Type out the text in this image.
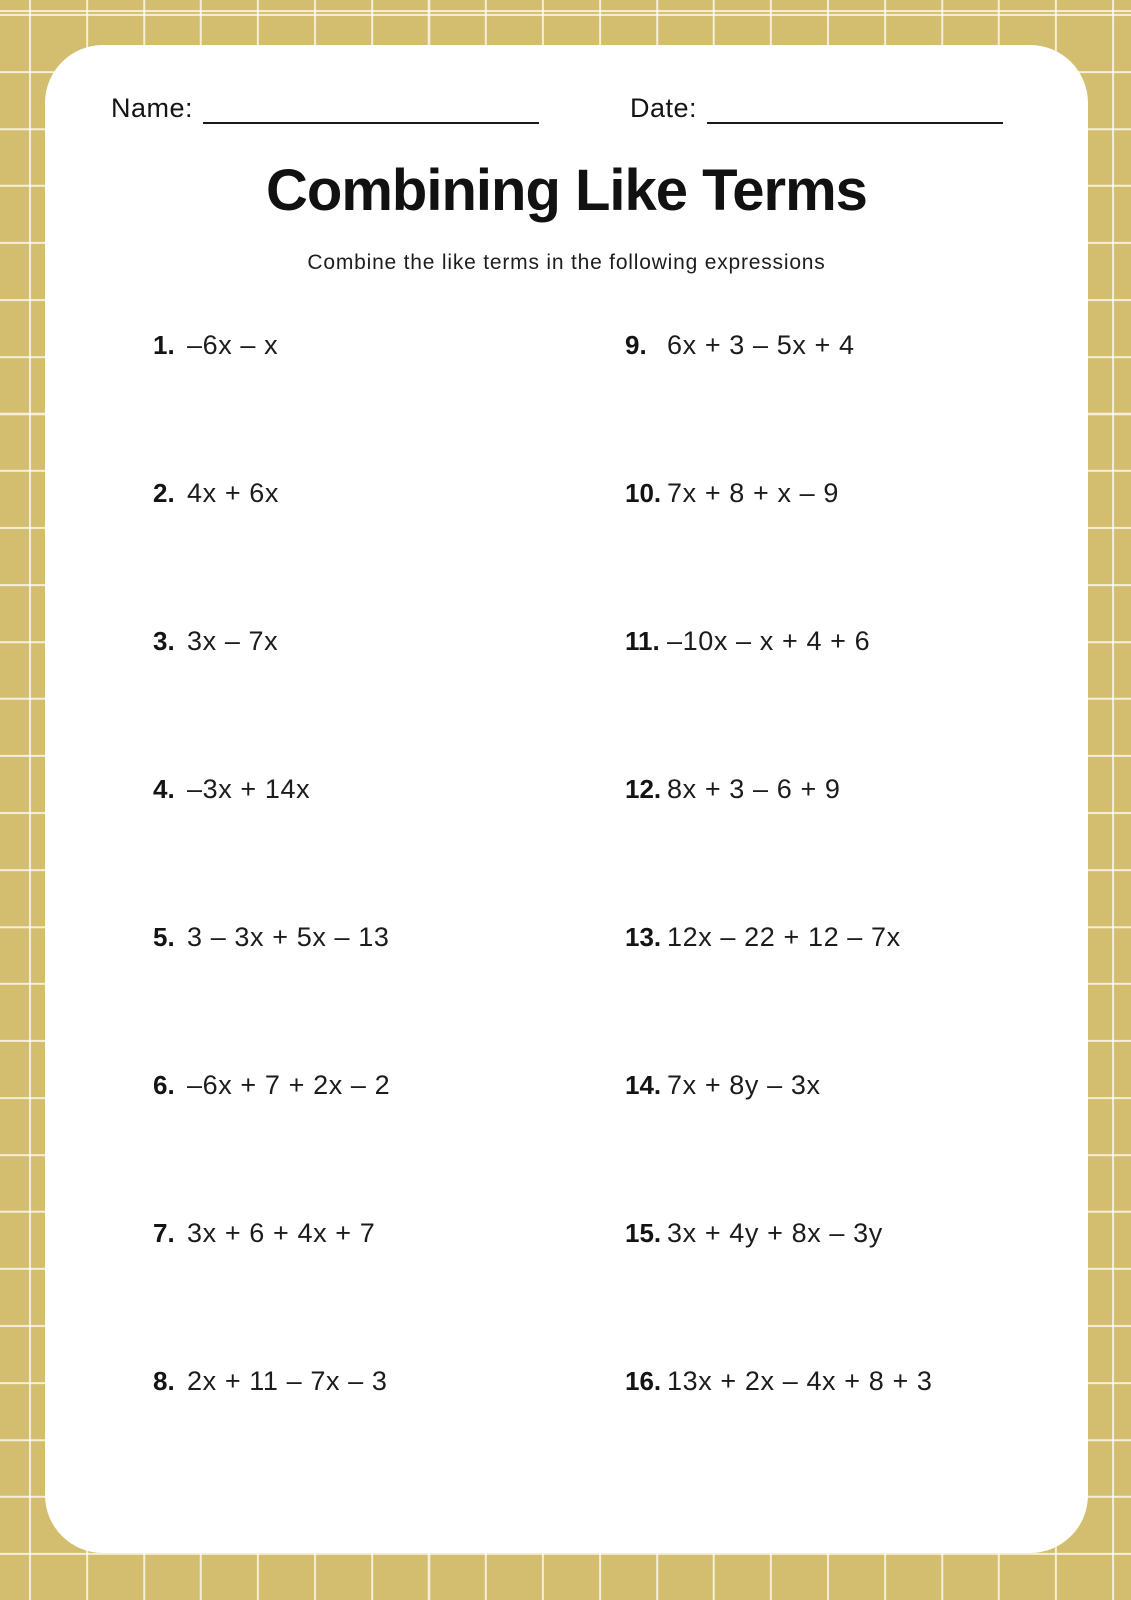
Name:	Date:
Combining Like Terms

Combine the like terms in the following expressions

1. –6x – x
2. 4x + 6x
3. 3x – 7x
4. –3x + 14x
5. 3 – 3x + 5x – 13
6. –6x + 7 + 2x – 2
7. 3x + 6 + 4x + 7
8. 2x + 11 – 7x – 3
9. 6x + 3 – 5x + 4
10. 7x + 8 + x – 9
11. –10x – x + 4 + 6
12. 8x + 3 – 6 + 9
13. 12x – 22 + 12 – 7x
14. 7x + 8y – 3x
15. 3x + 4y + 8x – 3y
16. 13x + 2x – 4x + 8 + 3
